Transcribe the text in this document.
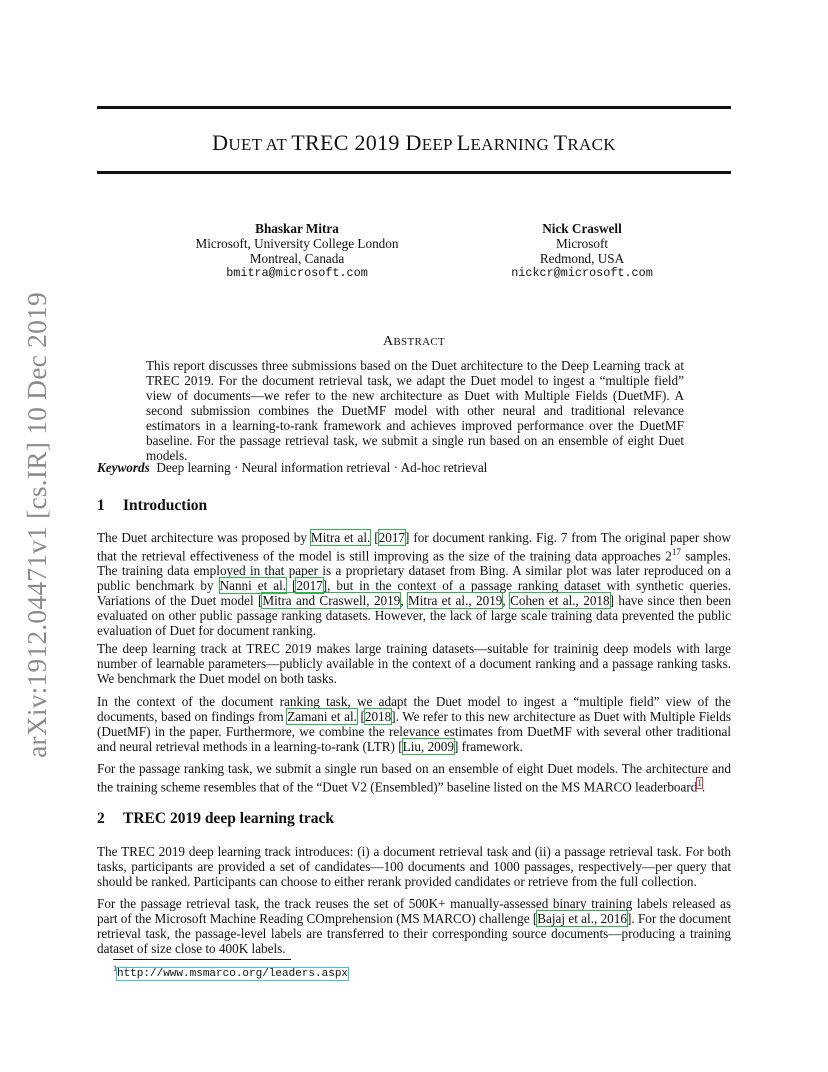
arXiv:1912.04471v1 [cs.IR] 10 Dec 2019
DUET AT TREC 2019 DEEP LEARNING TRACK
Bhaskar Mitra
Microsoft, University College London
Montreal, Canada
bmitra@microsoft.com
Nick Craswell
Microsoft
Redmond, USA
nickcr@microsoft.com
ABSTRACT
This report discusses three submissions based on the Duet architecture to the Deep Learning track at TREC 2019. For the document retrieval task, we adapt the Duet model to ingest a “multiple field” view of documents—we refer to the new architecture as Duet with Multiple Fields (DuetMF). A second submission combines the DuetMF model with other neural and traditional relevance estimators in a learning-to-rank framework and achieves improved performance over the DuetMF baseline. For the passage retrieval task, we submit a single run based on an ensemble of eight Duet models.
Keywords Deep learning · Neural information retrieval · Ad-hoc retrieval
1 Introduction
The Duet architecture was proposed by Mitra et al. [2017] for document ranking. Fig. 7 from The original paper show that the retrieval effectiveness of the model is still improving as the size of the training data approaches $2^{17}$ samples. The training data employed in that paper is a proprietary dataset from Bing. A similar plot was later reproduced on a public benchmark by Nanni et al. [2017], but in the context of a passage ranking dataset with synthetic queries. Variations of the Duet model [Mitra and Craswell, 2019, Mitra et al., 2019, Cohen et al., 2018] have since then been evaluated on other public passage ranking datasets. However, the lack of large scale training data prevented the public evaluation of Duet for document ranking.
The deep learning track at TREC 2019 makes large training datasets—suitable for traininig deep models with large number of learnable parameters—publicly available in the context of a document ranking and a passage ranking tasks. We benchmark the Duet model on both tasks.
In the context of the document ranking task, we adapt the Duet model to ingest a “multiple field” view of the documents, based on findings from Zamani et al. [2018]. We refer to this new architecture as Duet with Multiple Fields (DuetMF) in the paper. Furthermore, we combine the relevance estimates from DuetMF with several other traditional and neural retrieval methods in a learning-to-rank (LTR) [Liu, 2009] framework.
For the passage ranking task, we submit a single run based on an ensemble of eight Duet models. The architecture and the training scheme resembles that of the “Duet V2 (Ensembled)” baseline listed on the MS MARCO leaderboard$^1$.
2 TREC 2019 deep learning track
The TREC 2019 deep learning track introduces: (i) a document retrieval task and (ii) a passage retrieval task. For both tasks, participants are provided a set of candidates—100 documents and 1000 passages, respectively—per query that should be ranked. Participants can choose to either rerank provided candidates or retrieve from the full collection.
For the passage retrieval task, the track reuses the set of 500K+ manually-assessed binary training labels released as part of the Microsoft Machine Reading COmprehension (MS MARCO) challenge [Bajaj et al., 2016]. For the document retrieval task, the passage-level labels are transferred to their corresponding source documents—producing a training dataset of size close to 400K labels.
$^1$http://www.msmarco.org/leaders.aspx
